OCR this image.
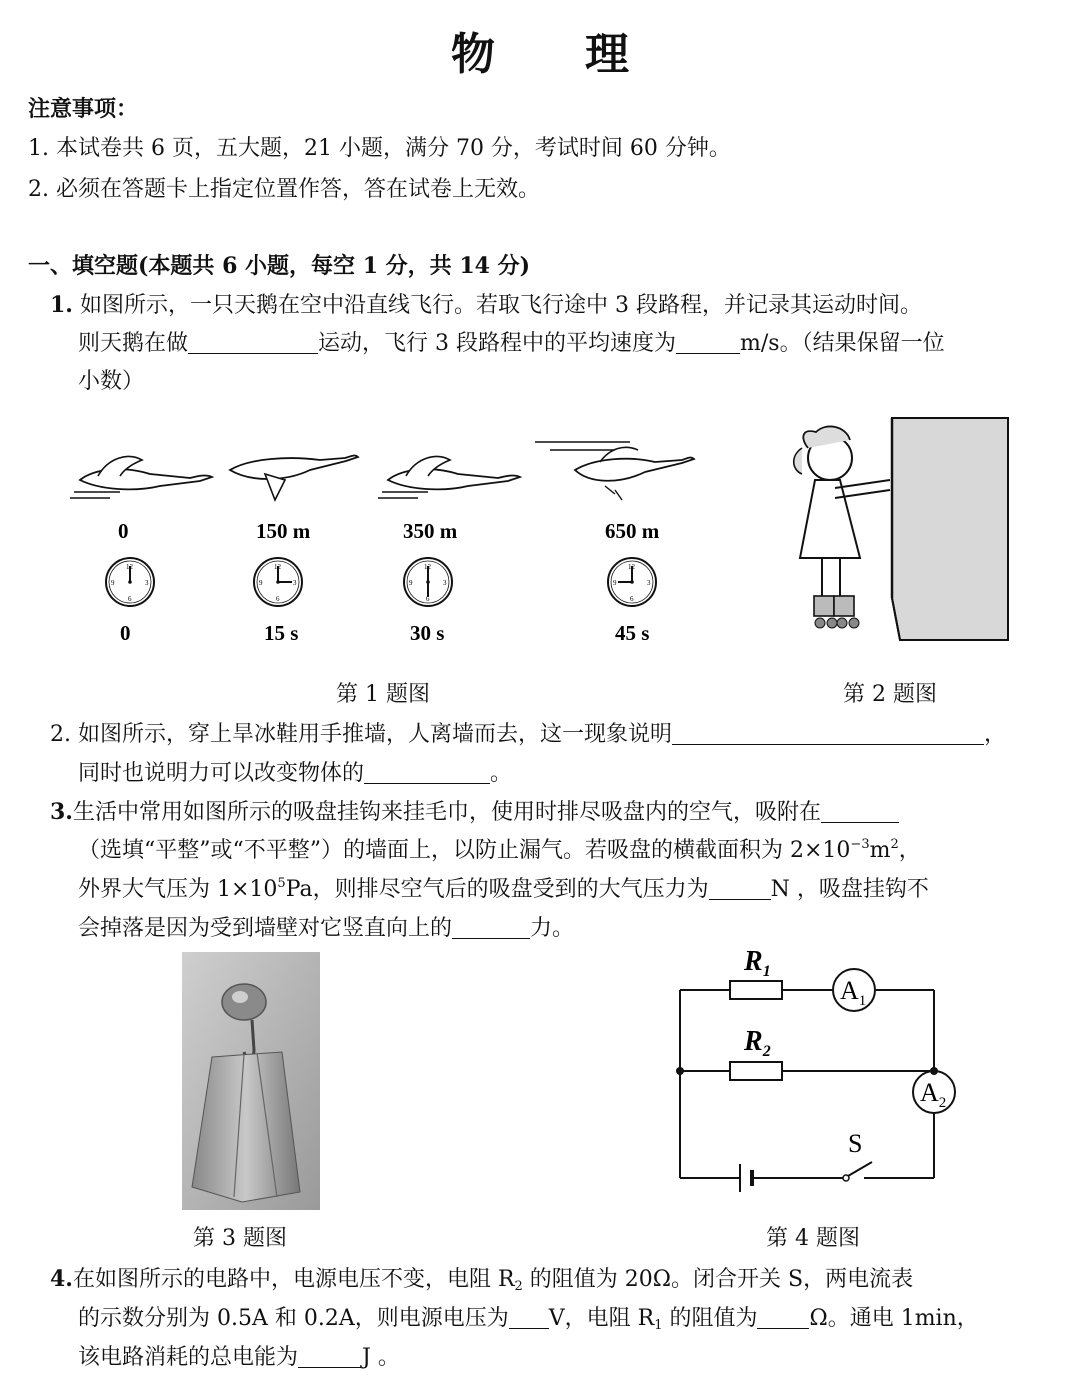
物 理
注意事项：
1. 本试卷共 6 页，五大题，21 小题，满分 70 分，考试时间 60 分钟。
2. 必须在答题卡上指定位置作答，答在试卷上无效。
一、填空题(本题共 6 小题，每空 1 分，共 14 分)
1. 如图所示，一只天鹅在空中沿直线飞行。若取飞行途中 3 段路程，并记录其运动时间。
则天鹅在做	运动，飞行 3 段路程中的平均速度为	m/s。（结果保留一位
小数）
12
3
6
9
0	150 m	350 m	650 m
0	15 s	30 s	45 s
第 1 题图	第 2 题图
2. 如图所示，穿上旱冰鞋用手推墙，人离墙而去，这一现象说明	，
同时也说明力可以改变物体的	。
3.生活中常用如图所示的吸盘挂钩来挂毛巾，使用时排尽吸盘内的空气，吸附在
（选填“平整”或“不平整”）的墙面上，以防止漏气。若吸盘的横截面积为 $2\times 10^{-3}m^2$，
外界大气压为 $1\times 10^5Pa$，则排尽空气后的吸盘受到的大气压力为	N ，吸盘挂钩不
会掉落是因为受到墙壁对它竖直向上的	力。
$R_1$
$R_2$
$A_1$
$A_2$
S
第 3 题图	第 4 题图
4.在如图所示的电路中，电源电压不变，电阻 $R_2$ 的阻值为 20Ω。闭合开关 S，两电流表
的示数分别为 0.5A 和 0.2A，则电源电压为 V，电阻 $R_1$ 的阻值为 Ω。通电 1min，
该电路消耗的总电能为	J 。
